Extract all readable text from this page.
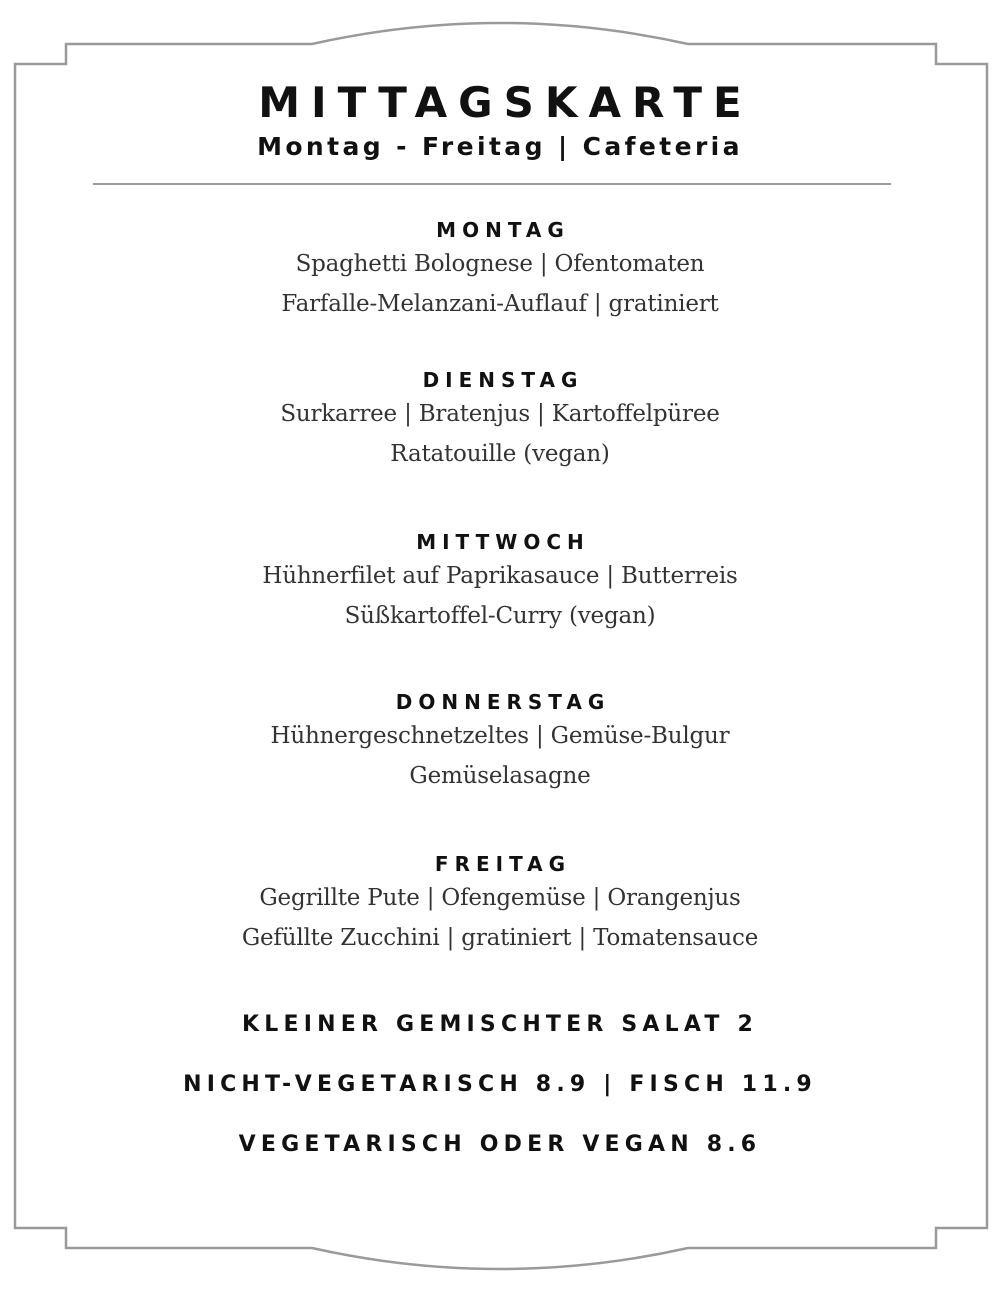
MITTAGSKARTE
Montag - Freitag | Cafeteria
MONTAG
Spaghetti Bolognese | Ofentomaten
Farfalle-Melanzani-Auflauf | gratiniert
DIENSTAG
Surkarree | Bratenjus | Kartoffelpüree
Ratatouille (vegan)
MITTWOCH
Hühnerfilet auf Paprikasauce | Butterreis
Süßkartoffel-Curry (vegan)
DONNERSTAG
Hühnergeschnetzeltes | Gemüse-Bulgur
Gemüselasagne
FREITAG
Gegrillte Pute | Ofengemüse | Orangenjus
Gefüllte Zucchini | gratiniert | Tomatensauce
KLEINER GEMISCHTER SALAT 2
NICHT-VEGETARISCH 8.9 | FISCH 11.9
VEGETARISCH ODER VEGAN 8.6
